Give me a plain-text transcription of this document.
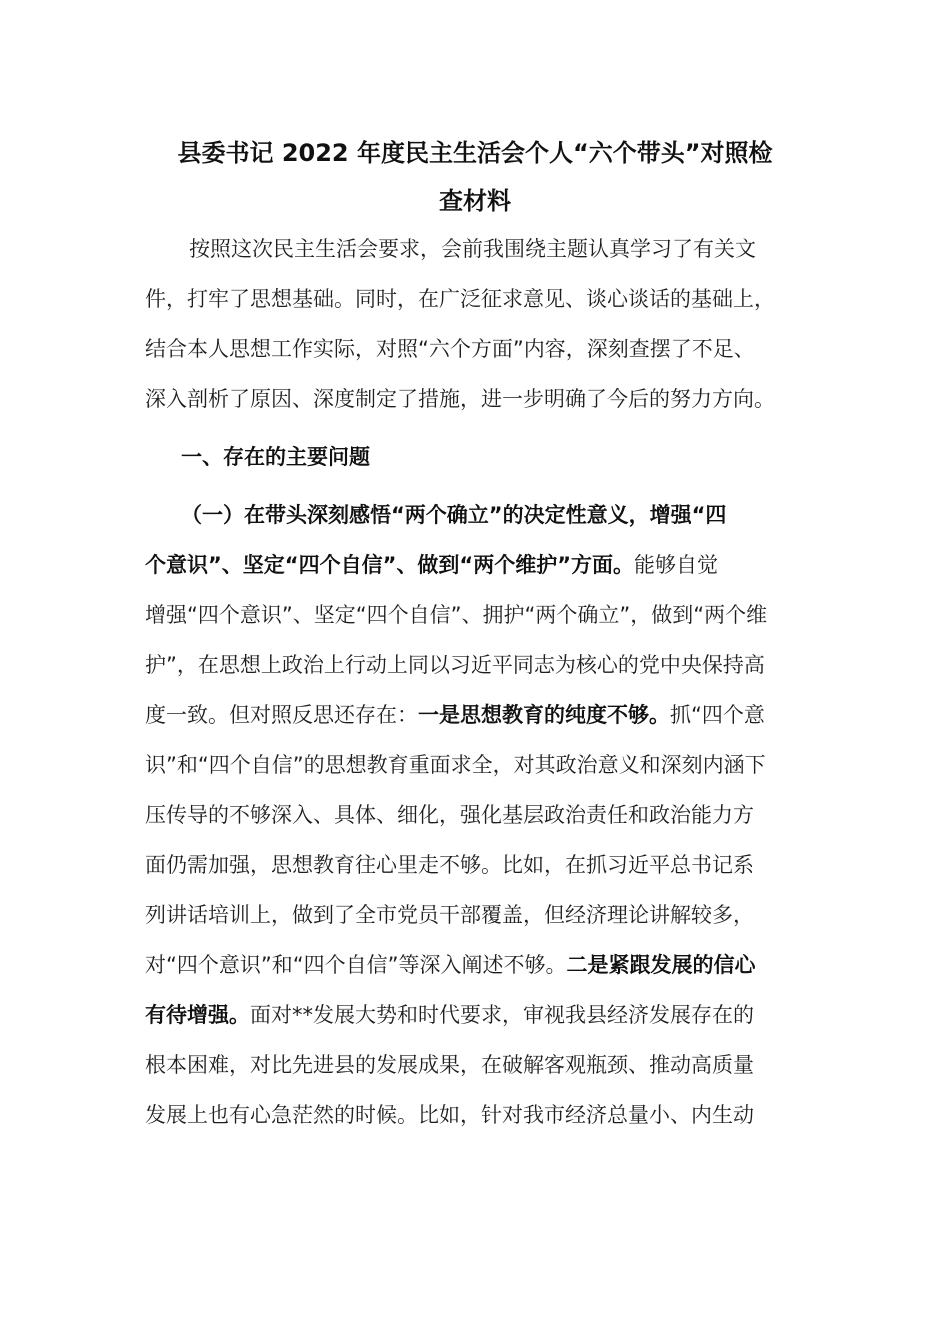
县委书记 2022 年度民主生活会个人“六个带头”对照检
查材料
按照这次民主生活会要求，会前我围绕主题认真学习了有关文
件，打牢了思想基础。同时，在广泛征求意见、谈心谈话的基础上，
结合本人思想工作实际，对照“六个方面”内容，深刻查摆了不足、
深入剖析了原因、深度制定了措施，进一步明确了今后的努力方向。
一、存在的主要问题
（一）在带头深刻感悟“两个确立”的决定性意义，增强“四
个意识”、坚定“四个自信”、做到“两个维护”方面。能够自觉
增强“四个意识”、坚定“四个自信”、拥护“两个确立”，做到“两个维
护”，在思想上政治上行动上同以习近平同志为核心的党中央保持高
度一致。但对照反思还存在：一是思想教育的纯度不够。抓“四个意
识”和“四个自信”的思想教育重面求全，对其政治意义和深刻内涵下
压传导的不够深入、具体、细化，强化基层政治责任和政治能力方
面仍需加强，思想教育往心里走不够。比如，在抓习近平总书记系
列讲话培训上，做到了全市党员干部覆盖，但经济理论讲解较多，
对“四个意识”和“四个自信”等深入阐述不够。二是紧跟发展的信心
有待增强。面对**发展大势和时代要求，审视我县经济发展存在的
根本困难，对比先进县的发展成果，在破解客观瓶颈、推动高质量
发展上也有心急茫然的时候。比如，针对我市经济总量小、内生动
